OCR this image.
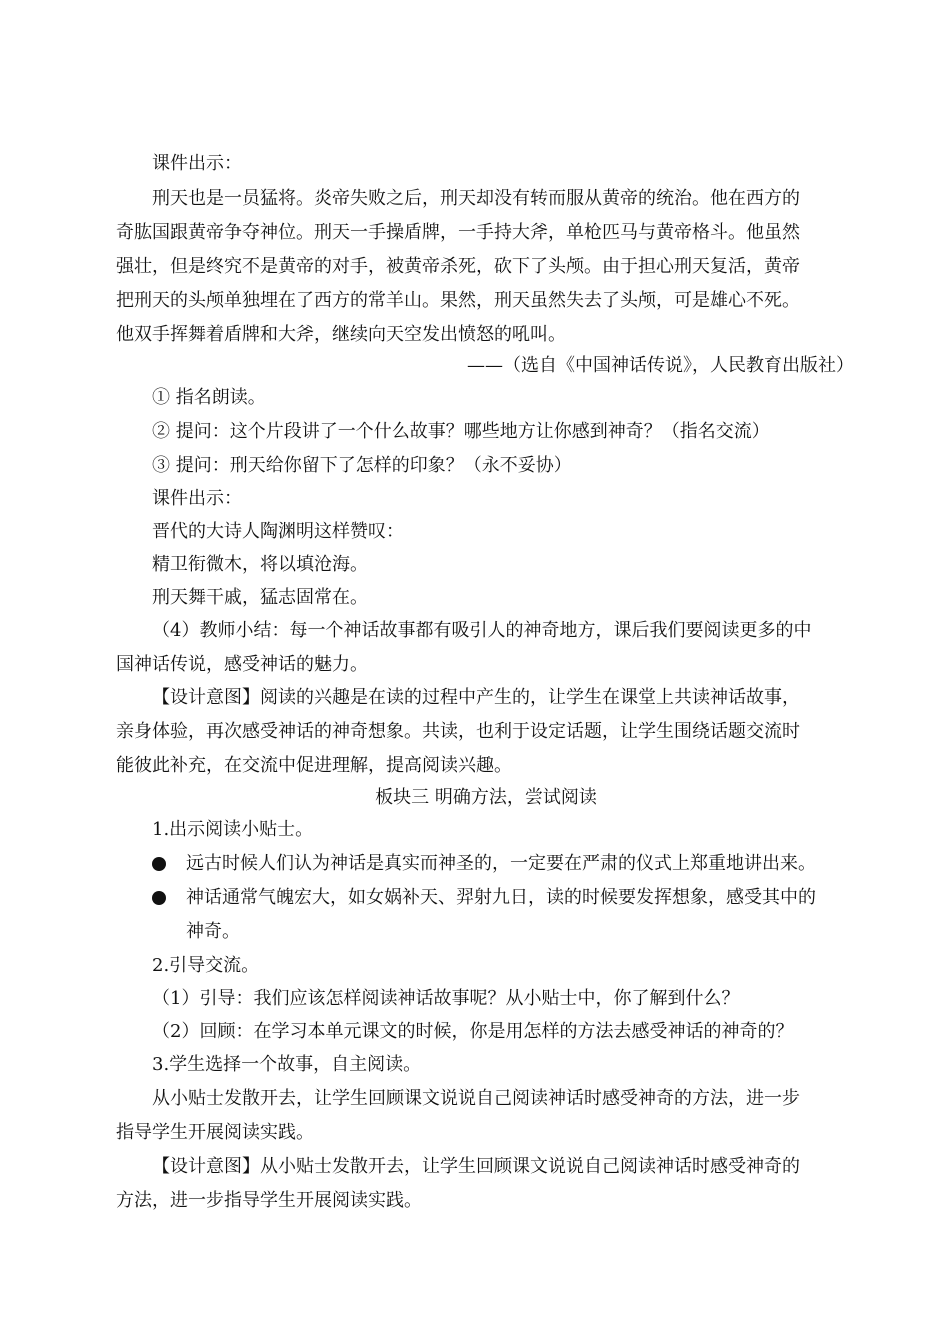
课件出示：
刑天也是一员猛将。炎帝失败之后，刑天却没有转而服从黄帝的统治。他在西方的
奇肱国跟黄帝争夺神位。刑天一手操盾牌，一手持大斧，单枪匹马与黄帝格斗。他虽然
强壮，但是终究不是黄帝的对手，被黄帝杀死，砍下了头颅。由于担心刑天复活，黄帝
把刑天的头颅单独埋在了西方的常羊山。果然，刑天虽然失去了头颅，可是雄心不死。
他双手挥舞着盾牌和大斧，继续向天空发出愤怒的吼叫。
——（选自《中国神话传说》，人民教育出版社）
① 指名朗读。
② 提问：这个片段讲了一个什么故事？哪些地方让你感到神奇？（指名交流）
③ 提问：刑天给你留下了怎样的印象？（永不妥协）
课件出示：
晋代的大诗人陶渊明这样赞叹：
精卫衔微木，将以填沧海。
刑天舞干戚，猛志固常在。
（4）教师小结：每一个神话故事都有吸引人的神奇地方，课后我们要阅读更多的中
国神话传说，感受神话的魅力。
【设计意图】阅读的兴趣是在读的过程中产生的，让学生在课堂上共读神话故事，
亲身体验，再次感受神话的神奇想象。共读，也利于设定话题，让学生围绕话题交流时
能彼此补充，在交流中促进理解，提高阅读兴趣。
板块三 明确方法，尝试阅读
1.出示阅读小贴士。
远古时候人们认为神话是真实而神圣的，一定要在严肃的仪式上郑重地讲出来。
神话通常气魄宏大，如女娲补天、羿射九日，读的时候要发挥想象，感受其中的
神奇。
2.引导交流。
（1）引导：我们应该怎样阅读神话故事呢？从小贴士中，你了解到什么？
（2）回顾：在学习本单元课文的时候，你是用怎样的方法去感受神话的神奇的？
3.学生选择一个故事，自主阅读。
从小贴士发散开去，让学生回顾课文说说自己阅读神话时感受神奇的方法，进一步
指导学生开展阅读实践。
【设计意图】从小贴士发散开去，让学生回顾课文说说自己阅读神话时感受神奇的
方法，进一步指导学生开展阅读实践。
